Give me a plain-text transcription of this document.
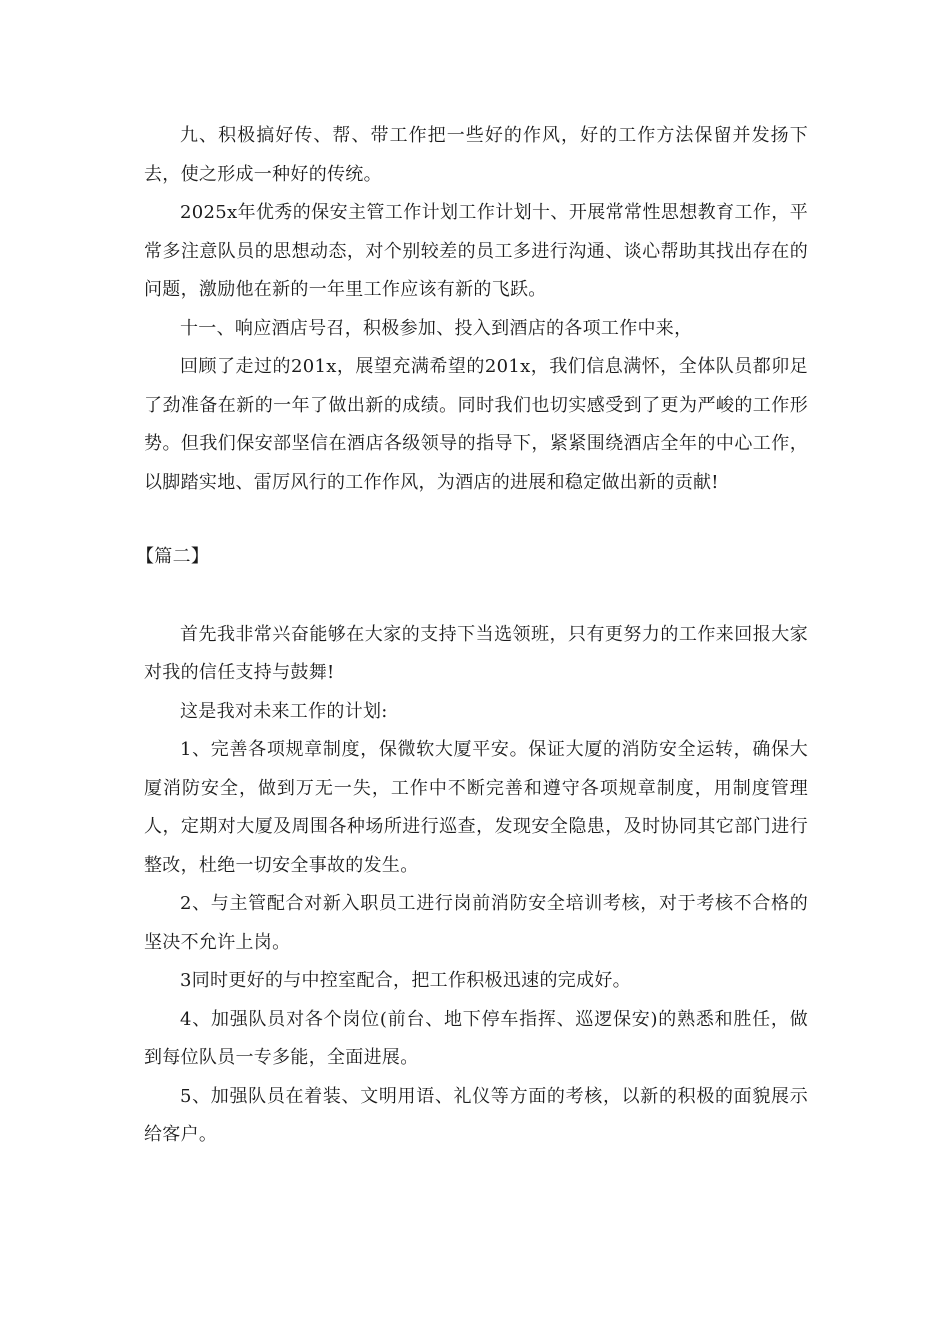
九、积极搞好传、帮、带工作把一些好的作风，好的工作方法保留并发扬下去，使之形成一种好的传统。

2025x年优秀的保安主管工作计划工作计划十、开展常常性思想教育工作，平常多注意队员的思想动态，对个别较差的员工多进行沟通、谈心帮助其找出存在的问题，激励他在新的一年里工作应该有新的飞跃。

十一、响应酒店号召，积极参加、投入到酒店的各项工作中来，

回顾了走过的201x，展望充满希望的201x，我们信息满怀，全体队员都卯足了劲准备在新的一年了做出新的成绩。同时我们也切实感受到了更为严峻的工作形势。但我们保安部坚信在酒店各级领导的指导下，紧紧围绕酒店全年的中心工作，以脚踏实地、雷厉风行的工作作风，为酒店的进展和稳定做出新的贡献!

【篇二】

首先我非常兴奋能够在大家的支持下当选领班，只有更努力的工作来回报大家对我的信任支持与鼓舞!

这是我对未来工作的计划:

1、完善各项规章制度，保微软大厦平安。保证大厦的消防安全运转，确保大厦消防安全，做到万无一失，工作中不断完善和遵守各项规章制度，用制度管理人，定期对大厦及周围各种场所进行巡查，发现安全隐患，及时协同其它部门进行整改，杜绝一切安全事故的发生。

2、与主管配合对新入职员工进行岗前消防安全培训考核，对于考核不合格的坚决不允许上岗。

3同时更好的与中控室配合，把工作积极迅速的完成好。

4、加强队员对各个岗位(前台、地下停车指挥、巡逻保安)的熟悉和胜任，做到每位队员一专多能，全面进展。

5、加强队员在着装、文明用语、礼仪等方面的考核，以新的积极的面貌展示给客户。
